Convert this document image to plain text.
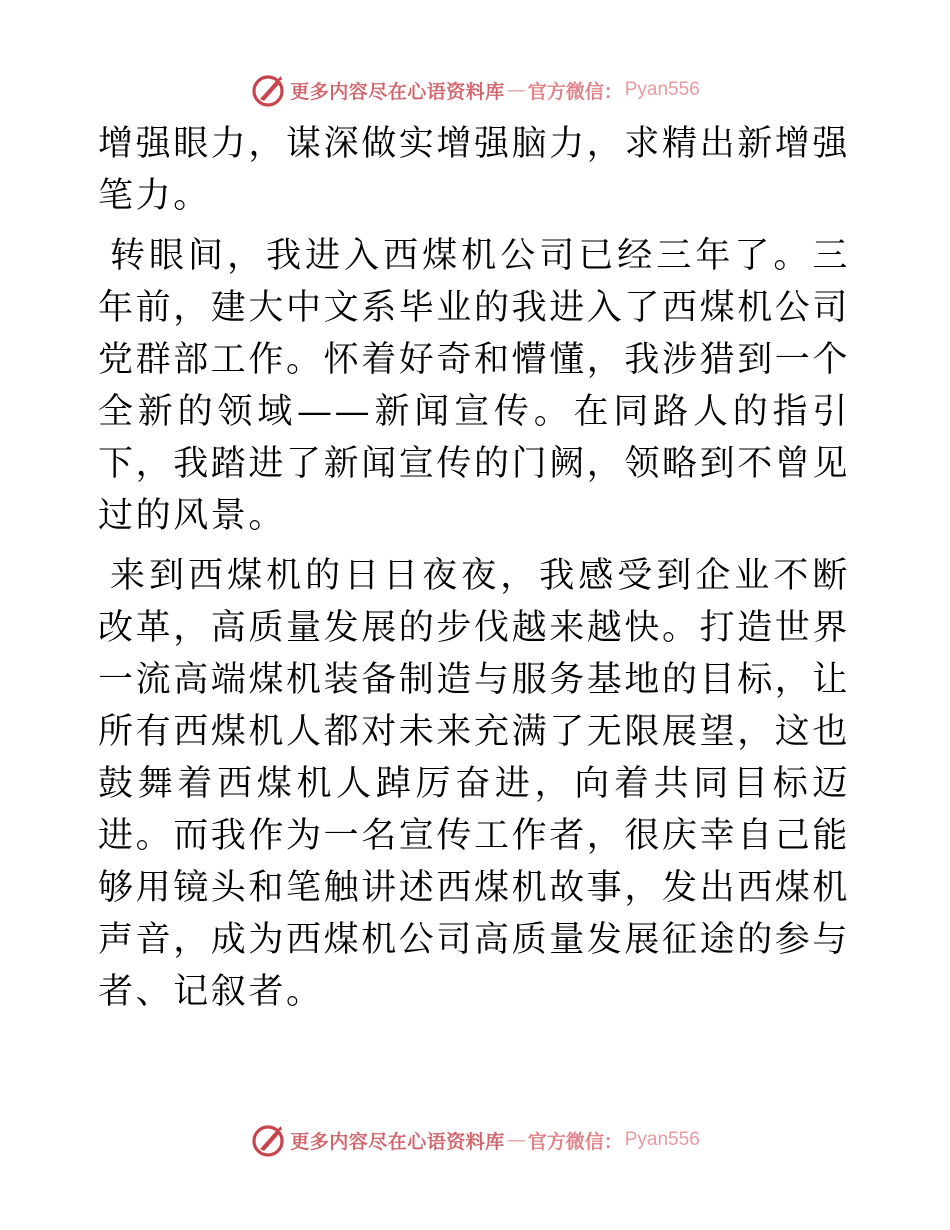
更多内容尽在心语资料库 — 官方微信： Pyan556

增强眼力，谋深做实增强脑力，求精出新增强笔力。

转眼间，我进入西煤机公司已经三年了。三年前，建大中文系毕业的我进入了西煤机公司党群部工作。怀着好奇和懵懂，我涉猎到一个全新的领域——新闻宣传。在同路人的指引下，我踏进了新闻宣传的门阙，领略到不曾见过的风景。

来到西煤机的日日夜夜，我感受到企业不断改革，高质量发展的步伐越来越快。打造世界一流高端煤机装备制造与服务基地的目标，让所有西煤机人都对未来充满了无限展望，这也鼓舞着西煤机人踔厉奋进，向着共同目标迈进。而我作为一名宣传工作者，很庆幸自己能够用镜头和笔触讲述西煤机故事，发出西煤机声音，成为西煤机公司高质量发展征途的参与者、记叙者。

更多内容尽在心语资料库 — 官方微信： Pyan556
